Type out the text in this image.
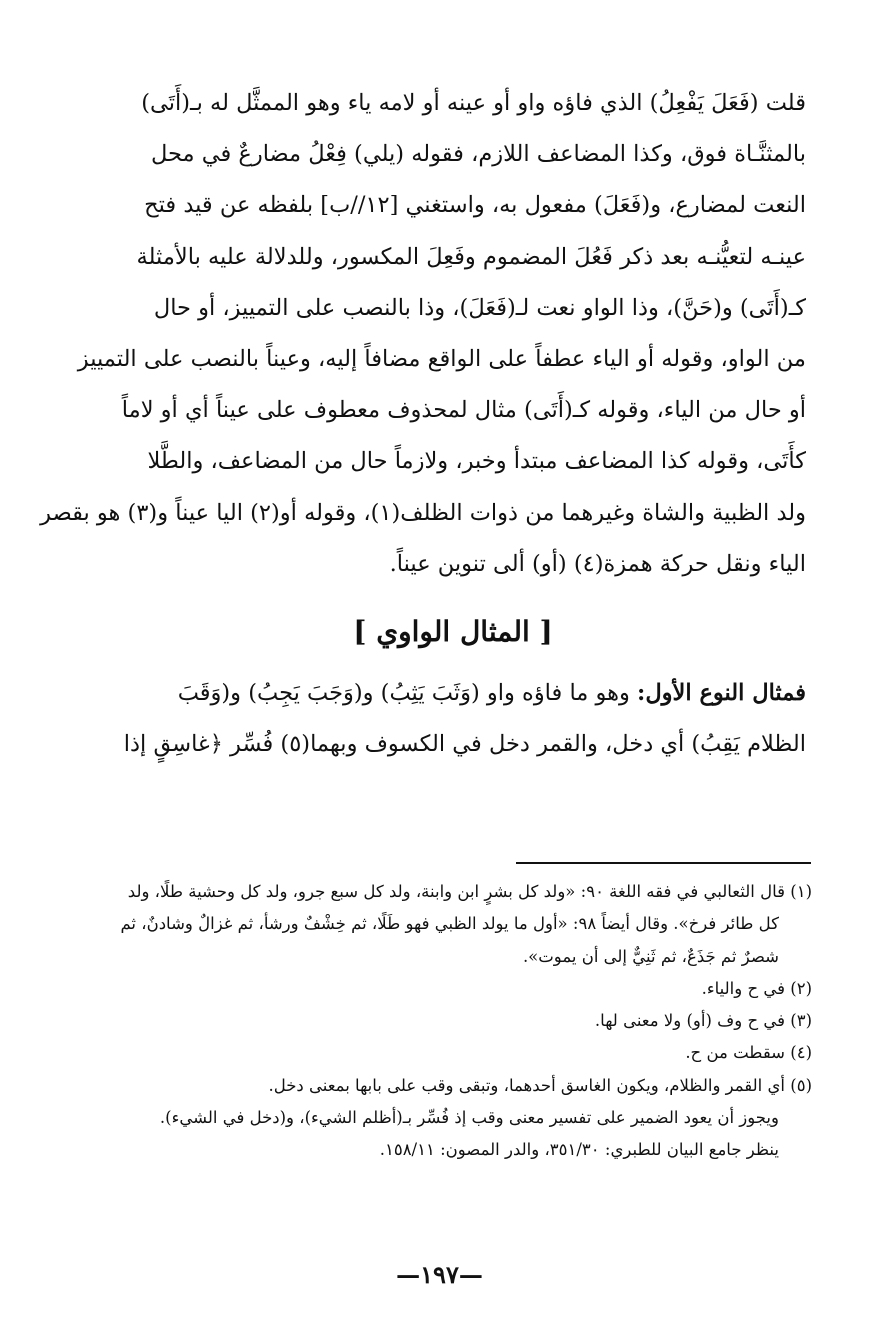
قلت (فَعَلَ يَفْعِلُ) الذي فاؤه واو أو عينه أو لامه ياء وهو الممثَّل له بـ(أَتَى)
بالمثنَّـاة فوق، وكذا المضاعف اللازم، فقوله (يلي) فِعْلُ مضارعٌ في محل
النعت لمضارع، و(فَعَلَ) مفعول به، واستغني [١٢//ب] بلفظه عن قيد فتح
عينـه لتعيُّنـه بعد ذكر فَعُلَ المضموم وفَعِلَ المكسور، وللدلالة عليه بالأمثلة
كـ(أَتَى) و(حَنَّ)، وذا الواو نعت لـ(فَعَلَ)، وذا بالنصب على التمييز، أو حال
من الواو، وقوله أو الياء عطفاً على الواقع مضافاً إليه، وعيناً بالنصب على التمييز
أو حال من الياء، وقوله كـ(أَتَى) مثال لمحذوف معطوف على عيناً أي أو لاماً
كأَتَى، وقوله كذا المضاعف مبتدأ وخبر، ولازماً حال من المضاعف، والطَّلا
ولد الظبية والشاة وغيرهما من ذوات الظلف(١)، وقوله أو(٢) اليا عيناً و(٣) هو بقصر
الياء ونقل حركة همزة(٤) (أو) ألى تنوين عيناً.
[ المثال الواوي ]
فمثال النوع الأول: وهو ما فاؤه واو (وَثَبَ يَثِبُ) و(وَجَبَ يَجِبُ) و(وَقَبَ
الظلام يَقِبُ) أي دخل، والقمر دخل في الكسوف وبهما(٥) فُسِّر ﴿غاسِقٍ إذا
(١) قال الثعالبي في فقه اللغة ٩٠: «ولد كل بشرٍ ابن وابنة، ولد كل سبع جرو، ولد كل وحشية طلًا، ولد
كل طائر فرخ». وقال أيضاً ٩٨: «أول ما يولد الظبي فهو طَلًا، ثم خِشْفٌ ورشأ، ثم غزالٌ وشادنٌ، ثم
شصرٌ ثم جَذَعٌ، ثم ثَنِيٌّ إلى أن يموت».
(٢) في ح والياء.
(٣) في ح وف (أو) ولا معنى لها.
(٤) سقطت من ح.
(٥) أي القمر والظلام، ويكون الغاسق أحدهما، وتبقى وقب على بابها بمعنى دخل.
ويجوز أن يعود الضمير على تفسير معنى وقب إذ فُسِّر بـ(أظلم الشيء)، و(دخل في الشيء).
ينظر جامع البيان للطبري: ٣٥١/٣٠، والدر المصون: ١٥٨/١١.
—١٩٧—
